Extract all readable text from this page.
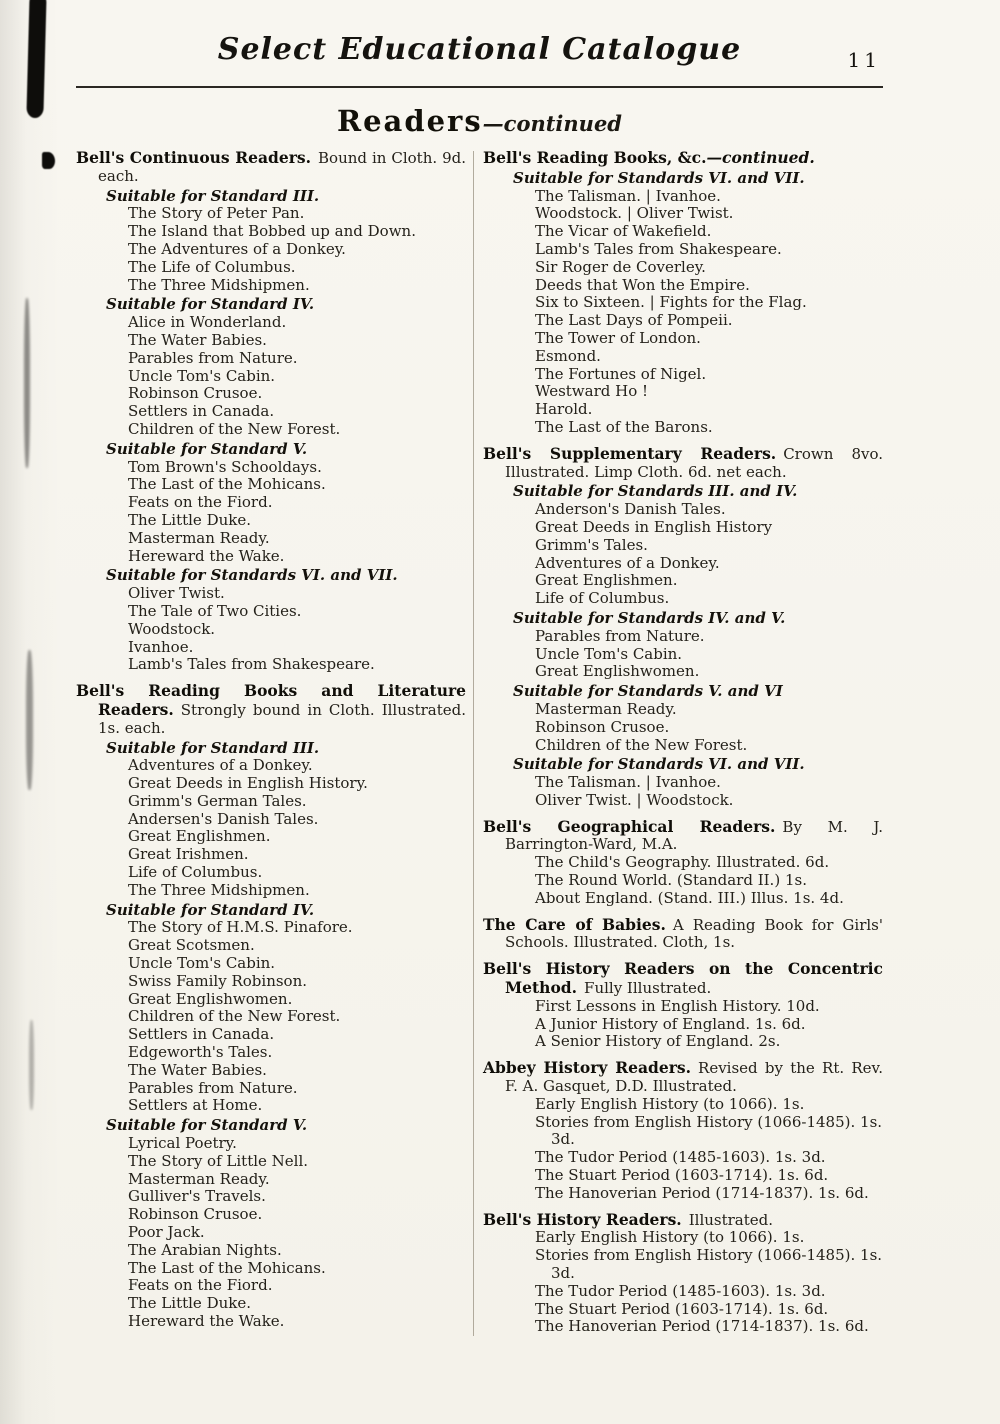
Select Educational Catalogue	11
Readers—continued

Bell's Continuous Readers. Bound in Cloth. 9d. each.

Suitable for Standard III.

The Story of Peter Pan.

The Island that Bobbed up and Down.

The Adventures of a Donkey.

The Life of Columbus.

The Three Midshipmen.

Suitable for Standard IV.

Alice in Wonderland.

The Water Babies.

Parables from Nature.

Uncle Tom's Cabin.

Robinson Crusoe.

Settlers in Canada.

Children of the New Forest.

Suitable for Standard V.

Tom Brown's Schooldays.

The Last of the Mohicans.

Feats on the Fiord.

The Little Duke.

Masterman Ready.

Hereward the Wake.

Suitable for Standards VI. and VII.

Oliver Twist.

The Tale of Two Cities.

Woodstock.

Ivanhoe.

Lamb's Tales from Shakespeare.

Bell's Reading Books and Literature Readers. Strongly bound in Cloth. Illustrated. 1s. each.

Suitable for Standard III.

Adventures of a Donkey.

Great Deeds in English History.

Grimm's German Tales.

Andersen's Danish Tales.

Great Englishmen.

Great Irishmen.

Life of Columbus.

The Three Midshipmen.

Suitable for Standard IV.

The Story of H.M.S. Pinafore.

Great Scotsmen.

Uncle Tom's Cabin.

Swiss Family Robinson.

Great Englishwomen.

Children of the New Forest.

Settlers in Canada.

Edgeworth's Tales.

The Water Babies.

Parables from Nature.

Settlers at Home.

Suitable for Standard V.

Lyrical Poetry.

The Story of Little Nell.

Masterman Ready.

Gulliver's Travels.

Robinson Crusoe.

Poor Jack.

The Arabian Nights.

The Last of the Mohicans.

Feats on the Fiord.

The Little Duke.

Hereward the Wake.

Bell's Reading Books, &c.—continued.

Suitable for Standards VI. and VII.

The Talisman. | Ivanhoe.

Woodstock. | Oliver Twist.

The Vicar of Wakefield.

Lamb's Tales from Shakespeare.

Sir Roger de Coverley.

Deeds that Won the Empire.

Six to Sixteen. | Fights for the Flag.

The Last Days of Pompeii.

The Tower of London.

Esmond.

The Fortunes of Nigel.

Westward Ho !

Harold.

The Last of the Barons.

Bell's Supplementary Readers. Crown 8vo. Illustrated. Limp Cloth. 6d. net each.

Suitable for Standards III. and IV.

Anderson's Danish Tales.

Great Deeds in English History

Grimm's Tales.

Adventures of a Donkey.

Great Englishmen.

Life of Columbus.

Suitable for Standards IV. and V.

Parables from Nature.

Uncle Tom's Cabin.

Great Englishwomen.

Suitable for Standards V. and VI

Masterman Ready.

Robinson Crusoe.

Children of the New Forest.

Suitable for Standards VI. and VII.

The Talisman. | Ivanhoe.

Oliver Twist. | Woodstock.

Bell's Geographical Readers. By M. J. Barrington-Ward, M.A.

The Child's Geography. Illustrated. 6d.

The Round World. (Standard II.) 1s.

About England. (Stand. III.) Illus. 1s. 4d.

The Care of Babies. A Reading Book for Girls' Schools. Illustrated. Cloth, 1s.

Bell's History Readers on the Concentric Method. Fully Illustrated.

First Lessons in English History. 10d.

A Junior History of England. 1s. 6d.

A Senior History of England. 2s.

Abbey History Readers. Revised by the Rt. Rev. F. A. Gasquet, D.D. Illustrated.

Early English History (to 1066). 1s.

Stories from English History (1066-1485). 1s. 3d.

The Tudor Period (1485-1603). 1s. 3d.

The Stuart Period (1603-1714). 1s. 6d.

The Hanoverian Period (1714-1837). 1s. 6d.

Bell's History Readers. Illustrated.

Early English History (to 1066). 1s.

Stories from English History (1066-1485). 1s. 3d.

The Tudor Period (1485-1603). 1s. 3d.

The Stuart Period (1603-1714). 1s. 6d.

The Hanoverian Period (1714-1837). 1s. 6d.
